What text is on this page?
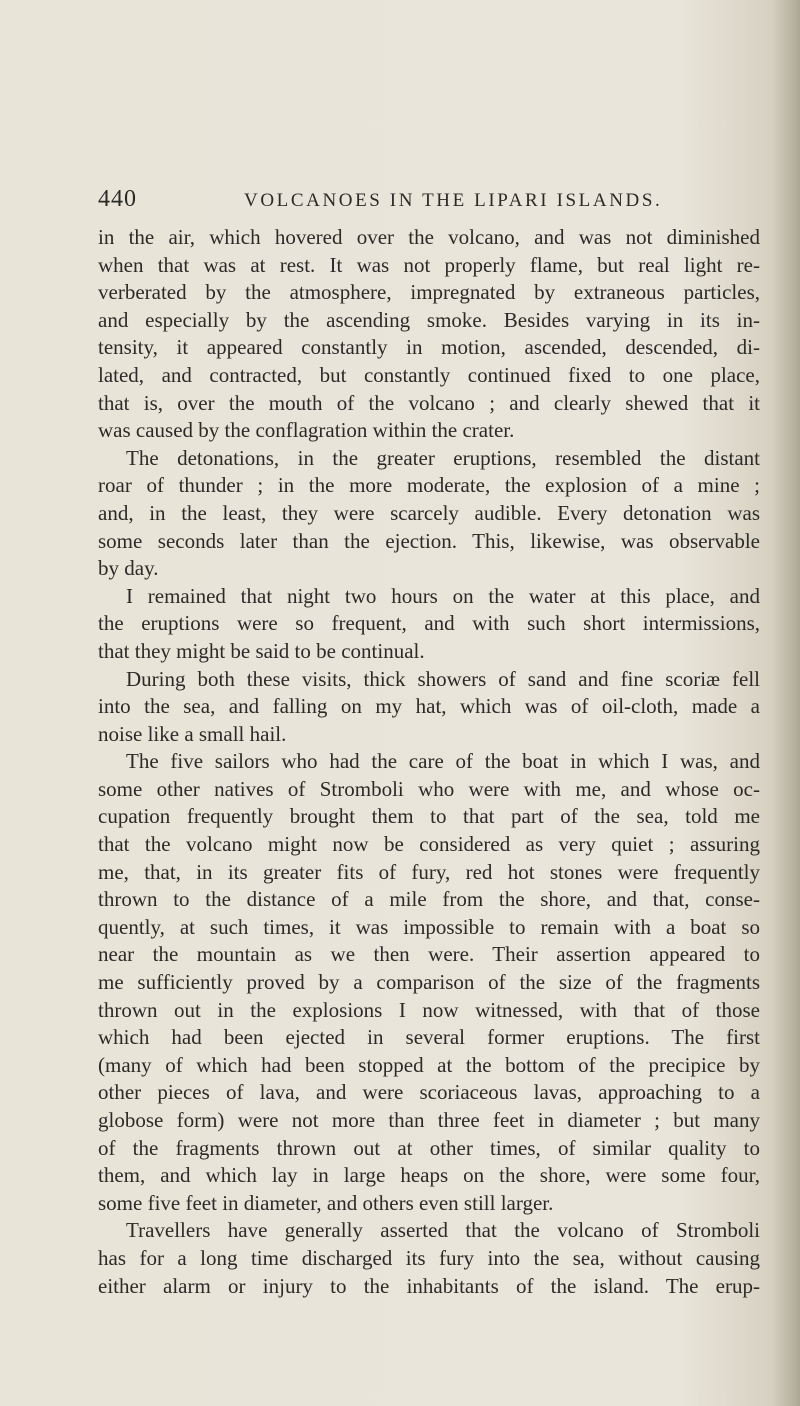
440	VOLCANOES IN THE LIPARI ISLANDS.
in the air, which hovered over the volcano, and was not diminished
when that was at rest. It was not properly flame, but real light re-
verberated by the atmosphere, impregnated by extraneous particles,
and especially by the ascending smoke. Besides varying in its in-
tensity, it appeared constantly in motion, ascended, descended, di-
lated, and contracted, but constantly continued fixed to one place,
that is, over the mouth of the volcano ; and clearly shewed that it
was caused by the conflagration within the crater.
The detonations, in the greater eruptions, resembled the distant
roar of thunder ; in the more moderate, the explosion of a mine ;
and, in the least, they were scarcely audible. Every detonation was
some seconds later than the ejection. This, likewise, was observable
by day.
I remained that night two hours on the water at this place, and
the eruptions were so frequent, and with such short intermissions,
that they might be said to be continual.
During both these visits, thick showers of sand and fine scoriæ fell
into the sea, and falling on my hat, which was of oil-cloth, made a
noise like a small hail.
The five sailors who had the care of the boat in which I was, and
some other natives of Stromboli who were with me, and whose oc-
cupation frequently brought them to that part of the sea, told me
that the volcano might now be considered as very quiet ; assuring
me, that, in its greater fits of fury, red hot stones were frequently
thrown to the distance of a mile from the shore, and that, conse-
quently, at such times, it was impossible to remain with a boat so
near the mountain as we then were. Their assertion appeared to
me sufficiently proved by a comparison of the size of the fragments
thrown out in the explosions I now witnessed, with that of those
which had been ejected in several former eruptions. The first
(many of which had been stopped at the bottom of the precipice by
other pieces of lava, and were scoriaceous lavas, approaching to a
globose form) were not more than three feet in diameter ; but many
of the fragments thrown out at other times, of similar quality to
them, and which lay in large heaps on the shore, were some four,
some five feet in diameter, and others even still larger.
Travellers have generally asserted that the volcano of Stromboli
has for a long time discharged its fury into the sea, without causing
either alarm or injury to the inhabitants of the island. The erup-
